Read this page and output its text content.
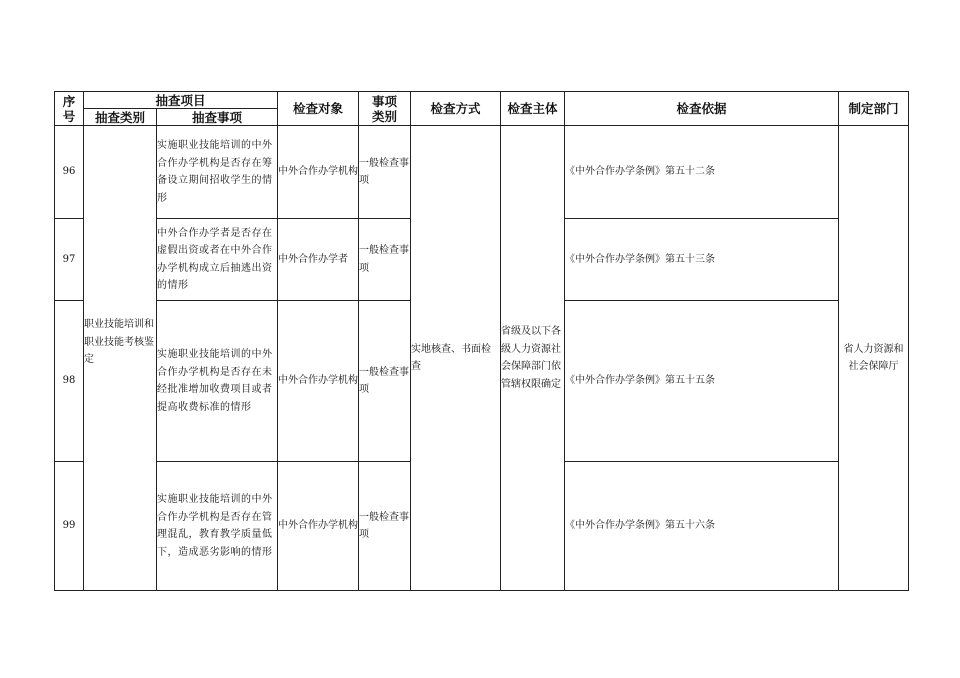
序号	抽查项目		检查对象	事项类别	检查方式	检查主体	检查依据	制定部门
	抽查类别	抽查事项						
96	职业技能培训和职业技能考核鉴定	实施职业技能培训的中外合作办学机构是否存在筹备设立期间招收学生的情形	中外合作办学机构	一般检查事项	实地核查、书面检查	省级及以下各级人力资源社会保障部门依管辖权限确定	《中外合作办学条例》第五十二条	省人力资源和社会保障厅
97		中外合作办学者是否存在虚假出资或者在中外合作办学机构成立后抽逃出资的情形	中外合作办学者	一般检查事项			《中外合作办学条例》第五十三条	
98		实施职业技能培训的中外合作办学机构是否存在未经批准增加收费项目或者提高收费标准的情形	中外合作办学机构	一般检查事项			《中外合作办学条例》第五十五条	
99		实施职业技能培训的中外合作办学机构是否存在管理混乱，教育教学质量低下，造成恶劣影响的情形	中外合作办学机构	一般检查事项			《中外合作办学条例》第五十六条	
